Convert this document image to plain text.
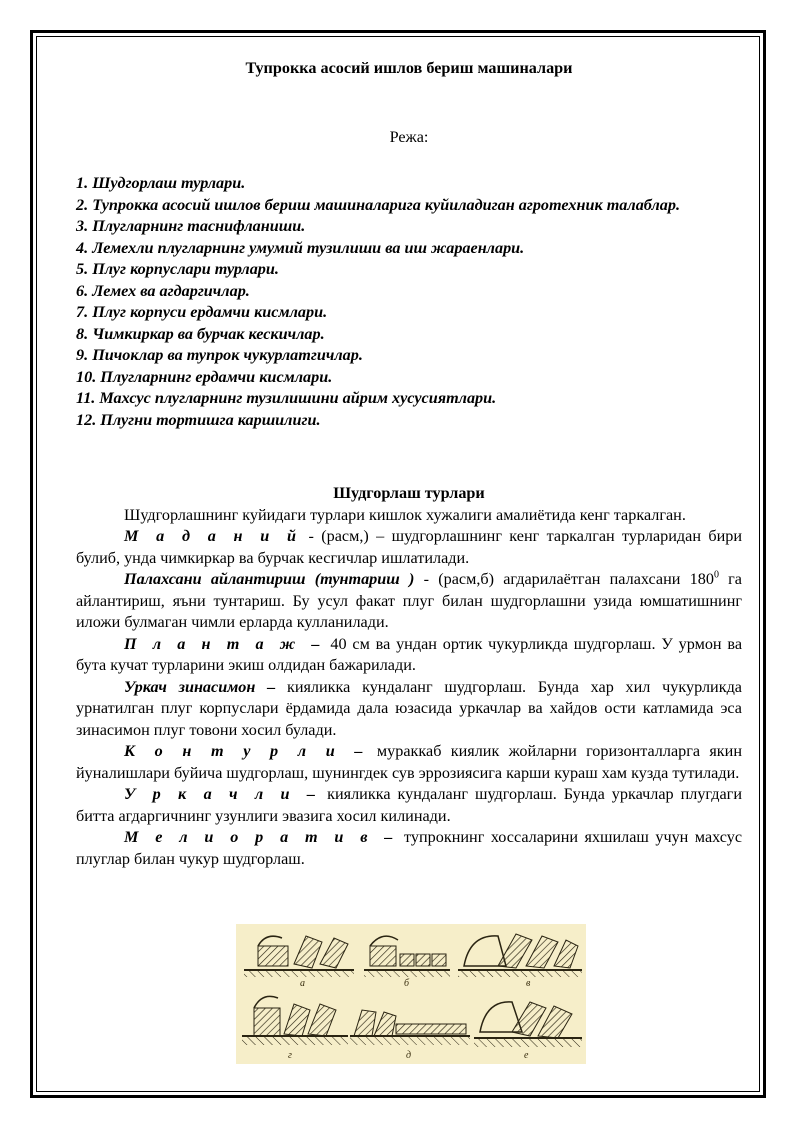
Тупрокка асосий ишлов бериш машиналари
Режа:
1. Шудгорлаш турлари.
2. Тупрокка асосий ишлов бериш машиналарига куйиладиган агротехник талаблар.
3. Плугларнинг таснифланиши.
4. Лемехли плугларнинг умумий тузилиши ва иш жараенлари.
5. Плуг корпуслари турлари.
6. Лемех ва агдаргичлар.
7. Плуг корпуси ердамчи кисмлари.
8. Чимкиркар ва бурчак кескичлар.
9. Пичоклар ва тупрок чукурлатгичлар.
10. Плугларнинг ердамчи кисмлари.
11. Махсус плугларнинг тузилишини айрим хусусиятлари.
12. Плугни тортишга каршилиги.
Шудгорлаш турлари

Шудгорлашнинг куйидаги турлари кишлок хужалиги амалиётида кенг таркалган.

М а д а н и й - (расм,) – шудгорлашнинг кенг таркалган турларидан бири булиб, унда чимкиркар ва бурчак кесгичлар ишлатилади.

Палахсани айлантириш (тунтариш ) - (расм,б) агдарилаётган палахсани $180^0$ га айлантириш, яъни тунтариш. Бу усул факат плуг билан шудгорлашни узида юмшатишнинг иложи булмаган чимли ерларда кулланилади.

П л а н т а ж – 40 см ва ундан ортик чукурликда шудгорлаш. У урмон ва бута кучат турларини экиш олдидан бажарилади.

Уркач зинасимон – кияликка кундаланг шудгорлаш. Бунда хар хил чукурликда урнатилган плуг корпуслари ёрдамида дала юзасида уркачлар ва хайдов ости катламида эса зинасимон плуг товони хосил булади.

К о н т у р л и – мураккаб киялик жойларни горизонталларга якин йуналишлари буйича шудгорлаш, шунингдек сув эррозиясига карши кураш хам кузда тутилади.

У р к а ч л и – кияликка кундаланг шудгорлаш. Бунда уркачлар плугдаги битта агдаргичнинг узунлиги эвазига хосил килинади.

М е л и о р а т и в – тупрокнинг хоссаларини яхшилаш учун махсус плуглар билан чукур шудгорлаш.

а	б	в
г	д	е
